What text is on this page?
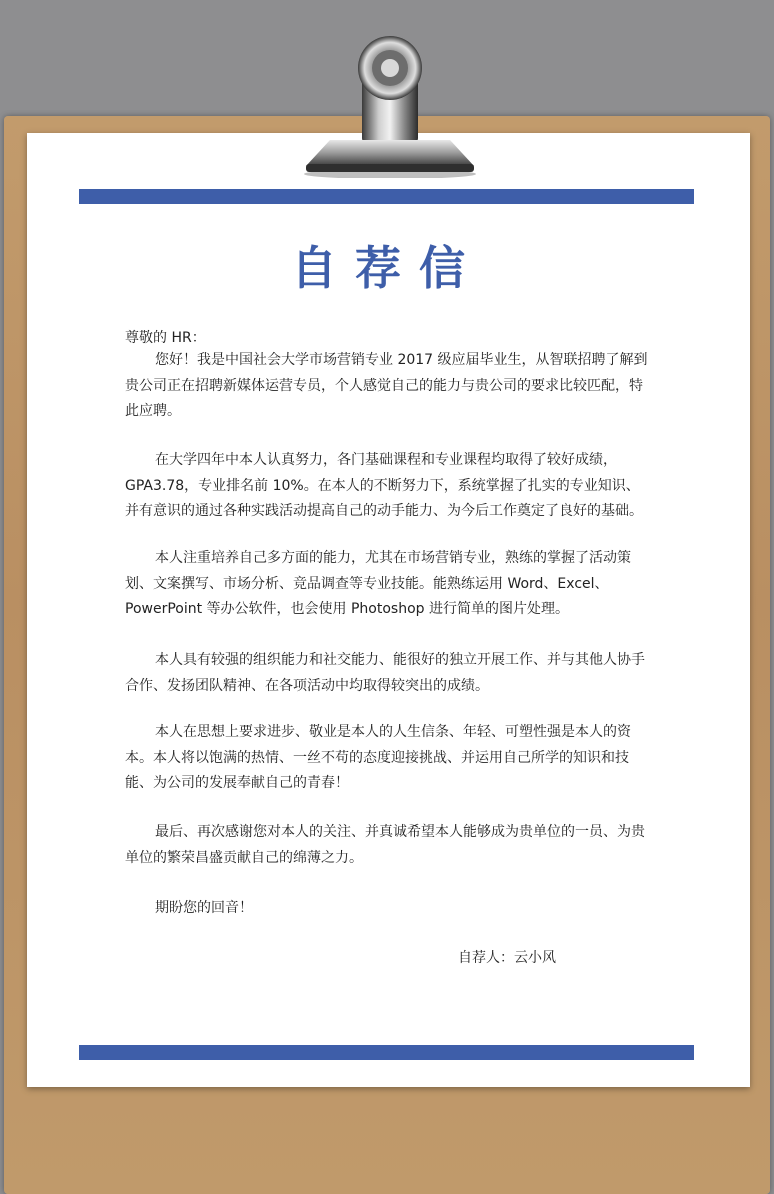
自荐信
尊敬的 HR：
您好！我是中国社会大学市场营销专业 2017 级应届毕业生，从智联招聘了解到贵公司正在招聘新媒体运营专员，个人感觉自己的能力与贵公司的要求比较匹配，特此应聘。
在大学四年中本人认真努力，各门基础课程和专业课程均取得了较好成绩，GPA3.78，专业排名前 10%。在本人的不断努力下，系统掌握了扎实的专业知识、并有意识的通过各种实践活动提高自己的动手能力、为今后工作奠定了良好的基础。
本人注重培养自己多方面的能力，尤其在市场营销专业，熟练的掌握了活动策划、文案撰写、市场分析、竞品调查等专业技能。能熟练运用 Word、Excel、PowerPoint 等办公软件，也会使用 Photoshop 进行简单的图片处理。
本人具有较强的组织能力和社交能力、能很好的独立开展工作、并与其他人协手合作、发扬团队精神、在各项活动中均取得较突出的成绩。
本人在思想上要求进步、敬业是本人的人生信条、年轻、可塑性强是本人的资本。本人将以饱满的热情、一丝不苟的态度迎接挑战、并运用自己所学的知识和技能、为公司的发展奉献自己的青春！
最后、再次感谢您对本人的关注、并真诚希望本人能够成为贵单位的一员、为贵单位的繁荣昌盛贡献自己的绵薄之力。
期盼您的回音！
自荐人：云小风
